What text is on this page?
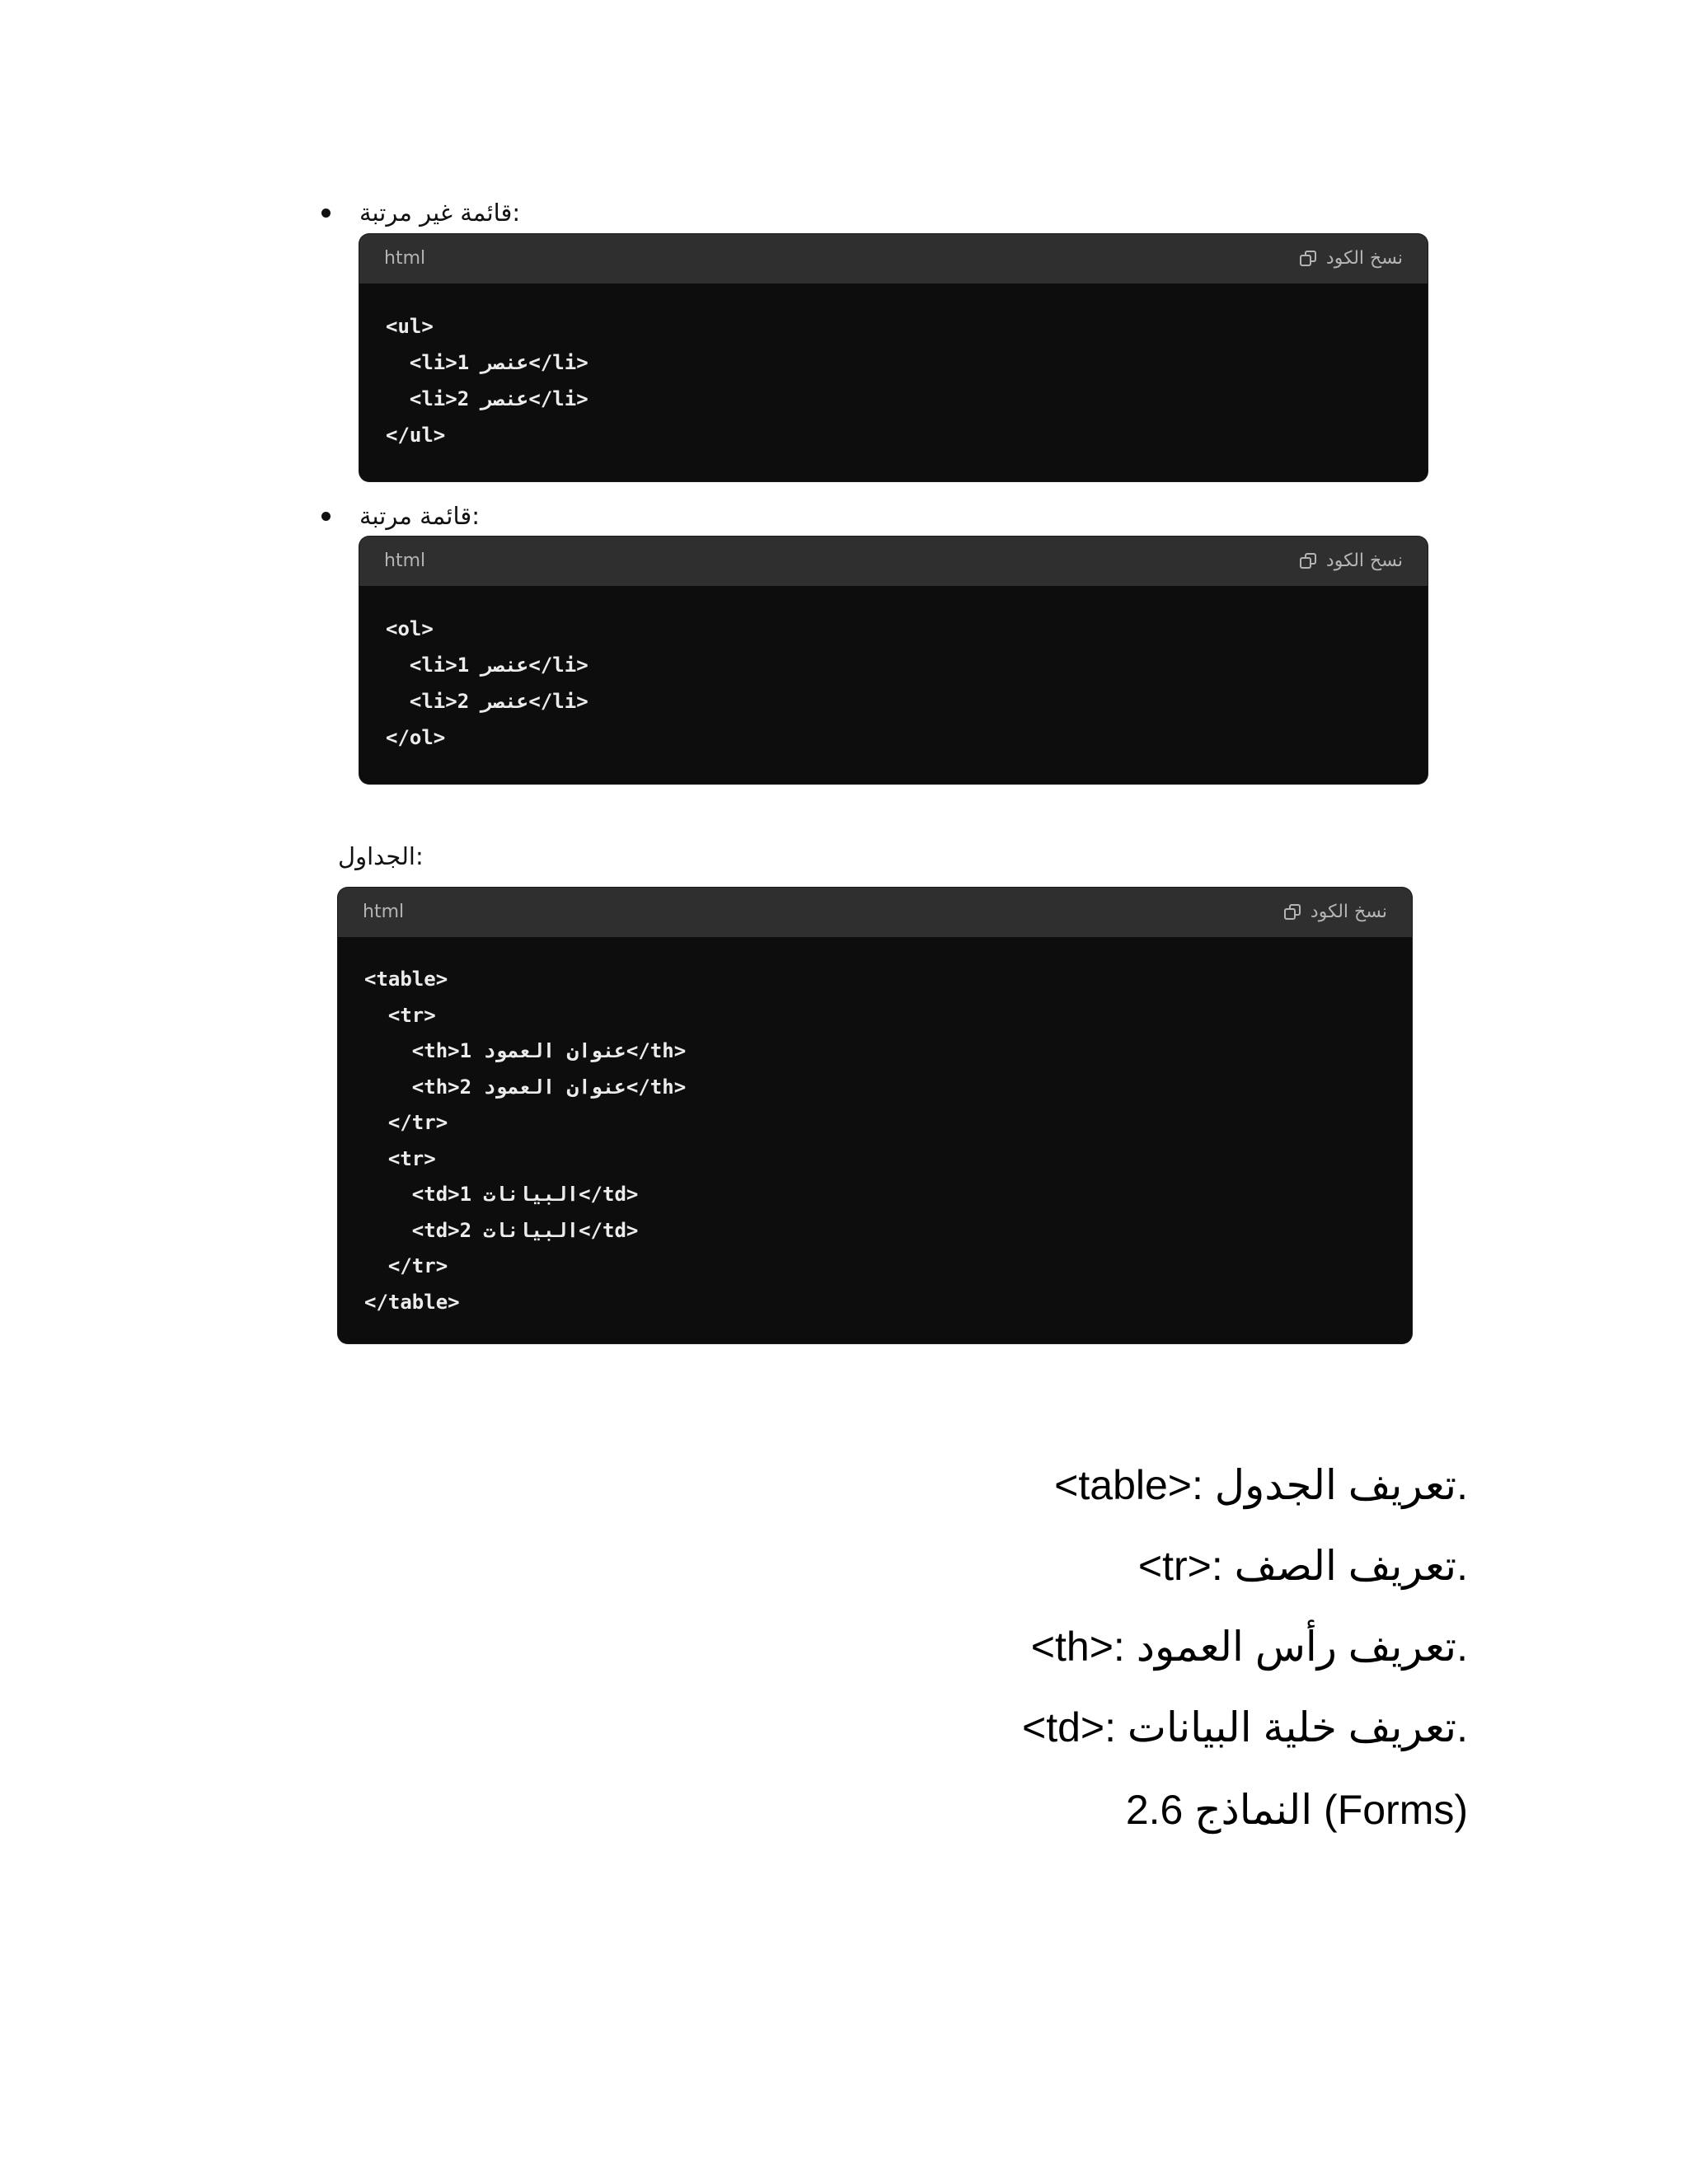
قائمة غير مرتبة:
html	نسخ الكود
<ul>
<li>1 عنصر</li>
<li>2 عنصر</li>
</ul>
قائمة مرتبة:
html	نسخ الكود
<ol>
<li>1 عنصر</li>
<li>2 عنصر</li>
</ol>
الجداول:
html	نسخ الكود
<table>
<tr>
<th>1 عنوان العمود</th>
<th>2 عنوان العمود</th>
</tr>
<tr>
<td>1 البيانات</td>
<td>2 البيانات</td>
</tr>
</table>
<table>: تعريف الجدول.
<tr>: تعريف الصف.
<th>: تعريف رأس العمود.
<td>: تعريف خلية البيانات.
2.6 النماذج (Forms)
